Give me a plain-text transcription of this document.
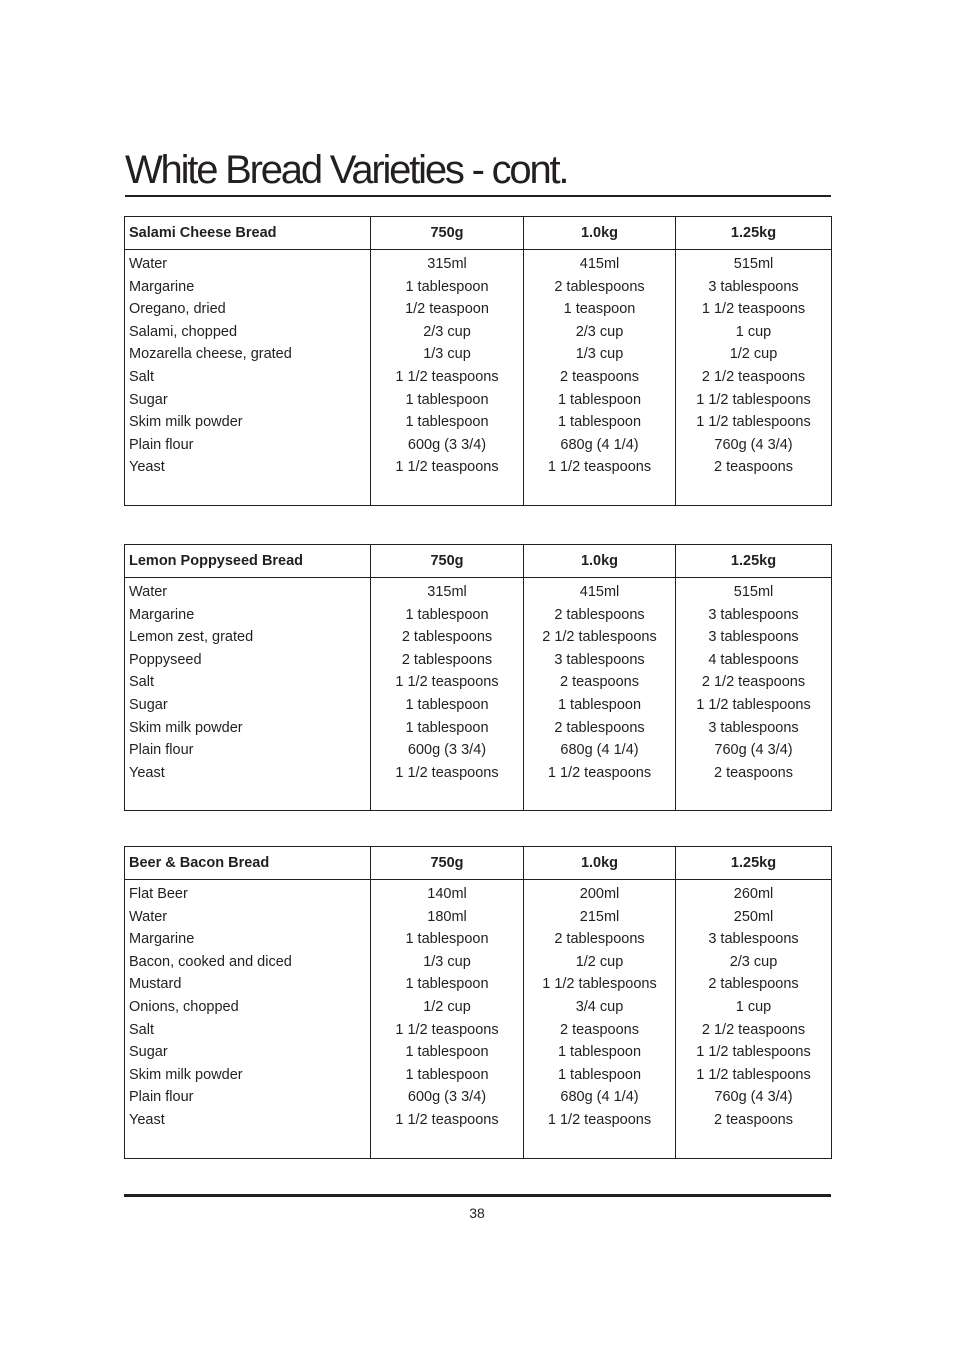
White Bread Varieties - cont.
Salami Cheese Bread	750g	1.0kg	1.25kg
Water	315ml	415ml	515ml
Margarine	1 tablespoon	2 tablespoons	3 tablespoons
Oregano, dried	1/2 teaspoon	1 teaspoon	1 1/2 teaspoons
Salami, chopped	2/3 cup	2/3 cup	1 cup
Mozarella cheese, grated	1/3 cup	1/3 cup	1/2 cup
Salt	1 1/2 teaspoons	2 teaspoons	2 1/2 teaspoons
Sugar	1 tablespoon	1 tablespoon	1 1/2 tablespoons
Skim milk powder	1 tablespoon	1 tablespoon	1 1/2 tablespoons
Plain flour	600g (3 3/4)	680g (4 1/4)	760g (4 3/4)
Yeast	1 1/2 teaspoons	1 1/2 teaspoons	2 teaspoons

Lemon Poppyseed Bread	750g	1.0kg	1.25kg
Water	315ml	415ml	515ml
Margarine	1 tablespoon	2 tablespoons	3 tablespoons
Lemon zest, grated	2 tablespoons	2 1/2 tablespoons	3 tablespoons
Poppyseed	2 tablespoons	3 tablespoons	4 tablespoons
Salt	1 1/2 teaspoons	2 teaspoons	2 1/2 teaspoons
Sugar	1 tablespoon	1 tablespoon	1 1/2 tablespoons
Skim milk powder	1 tablespoon	2 tablespoons	3 tablespoons
Plain flour	600g (3 3/4)	680g (4 1/4)	760g (4 3/4)
Yeast	1 1/2 teaspoons	1 1/2 teaspoons	2 teaspoons

Beer & Bacon Bread	750g	1.0kg	1.25kg
Flat Beer	140ml	200ml	260ml
Water	180ml	215ml	250ml
Margarine	1 tablespoon	2 tablespoons	3 tablespoons
Bacon, cooked and diced	1/3 cup	1/2 cup	2/3 cup
Mustard	1 tablespoon	1 1/2 tablespoons	2 tablespoons
Onions, chopped	1/2 cup	3/4 cup	1 cup
Salt	1 1/2 teaspoons	2 teaspoons	2 1/2 teaspoons
Sugar	1 tablespoon	1 tablespoon	1 1/2 tablespoons
Skim milk powder	1 tablespoon	1 tablespoon	1 1/2 tablespoons
Plain flour	600g (3 3/4)	680g (4 1/4)	760g (4 3/4)
Yeast	1 1/2 teaspoons	1 1/2 teaspoons	2 teaspoons

38
